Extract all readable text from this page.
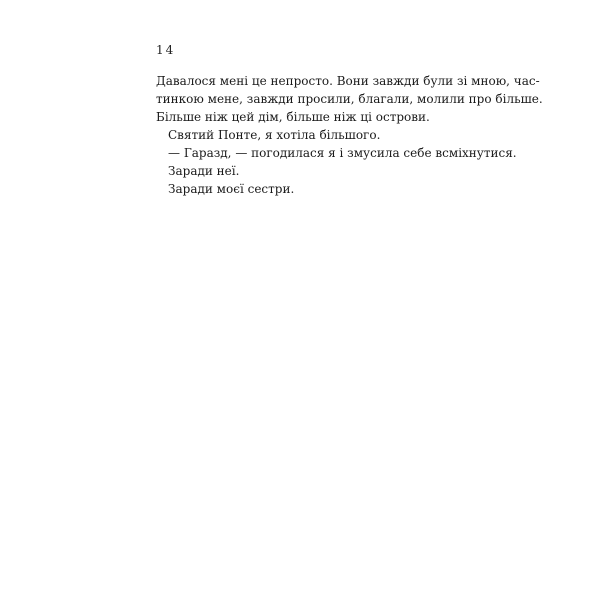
14
Давалося мені це непросто. Вони завжди були зі мною, час-
тинкою мене, завжди просили, благали, молили про більше.
Більше ніж цей дім, більше ніж ці острови.
Святий Понте, я хотіла більшого.
— Гаразд, — погодилася я і змусила себе всміхнутися.
Заради неї.
Заради моєї сестри.
